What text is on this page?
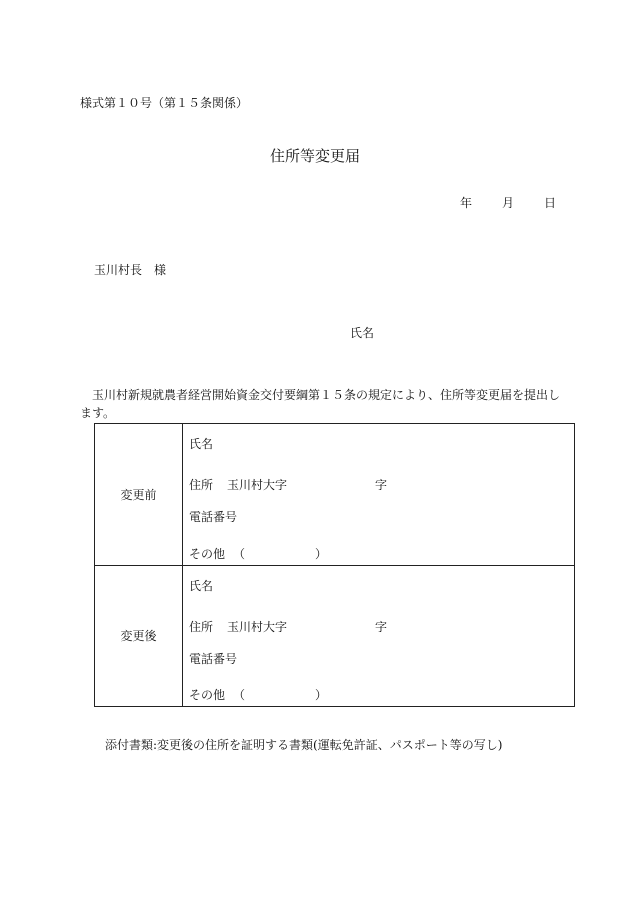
様式第１０号（第１５条関係）
住所等変更届
年	月	日
玉川村長　様
氏名
玉川村新規就農者経営開始資金交付要綱第１５条の規定により、住所等変更届を提出します。
変更前
氏名
住所 玉川村大字	字
電話番号
その他 （	）
変更後
氏名
住所 玉川村大字	字
電話番号
その他 （	）
添付書類:変更後の住所を証明する書類(運転免許証、パスポート等の写し)
